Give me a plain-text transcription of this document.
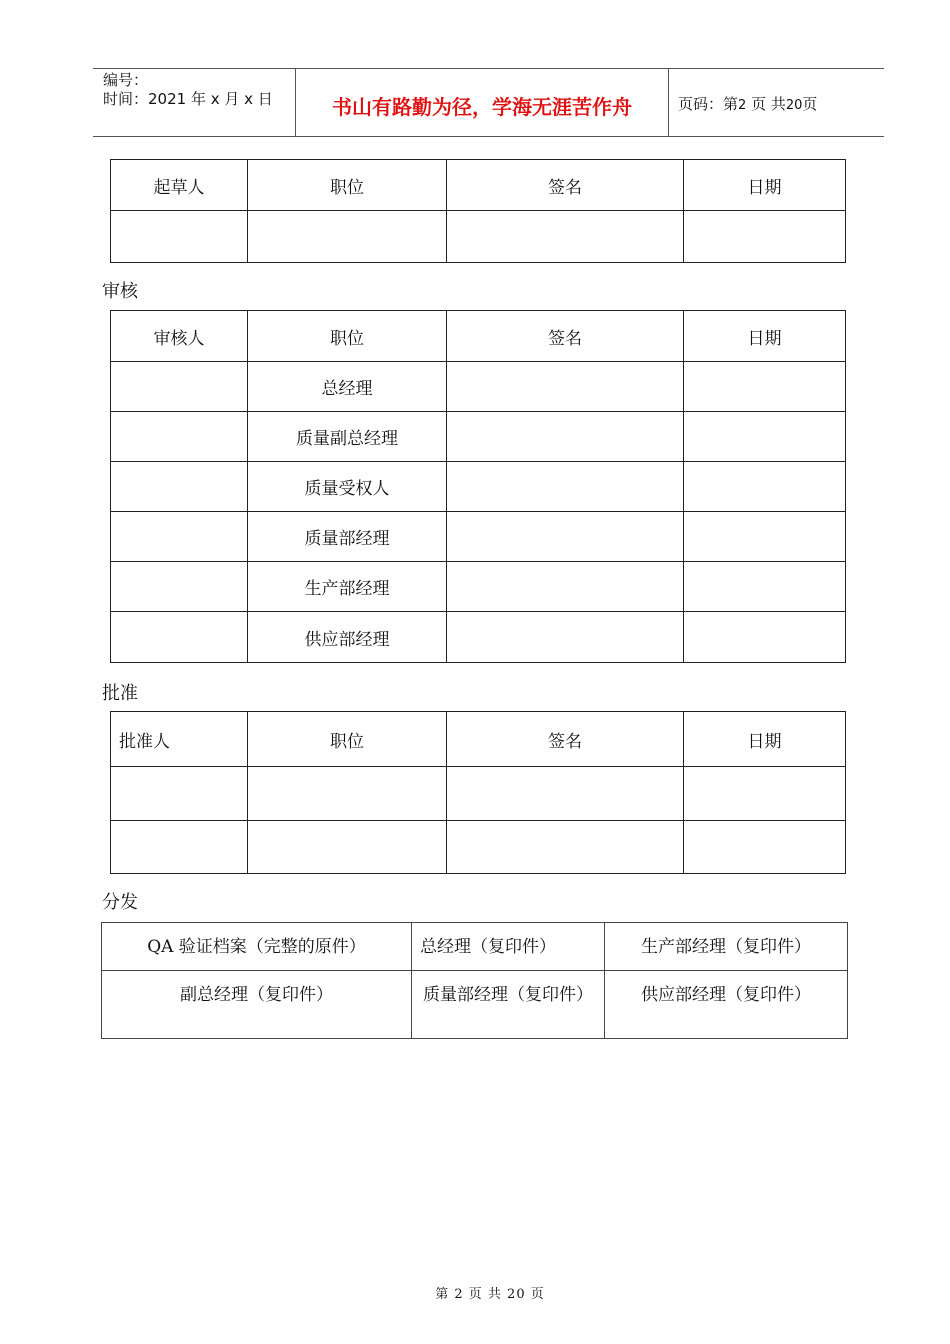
编号：
时间：2021 年 x 月 x 日	书山有路勤为径，学海无涯苦作舟	页码：第2 页 共20页
起草人	职位	签名	日期

审核
审核人	职位	签名	日期
	总经理		
	质量副总经理		
	质量受权人		
	质量部经理		
	生产部经理		
	供应部经理		
批准
批准人	职位	签名	日期

分发
QA 验证档案（完整的原件）	总经理（复印件）	生产部经理（复印件）
副总经理（复印件）	质量部经理（复印件）	供应部经理（复印件）
第 2 页 共 20 页
